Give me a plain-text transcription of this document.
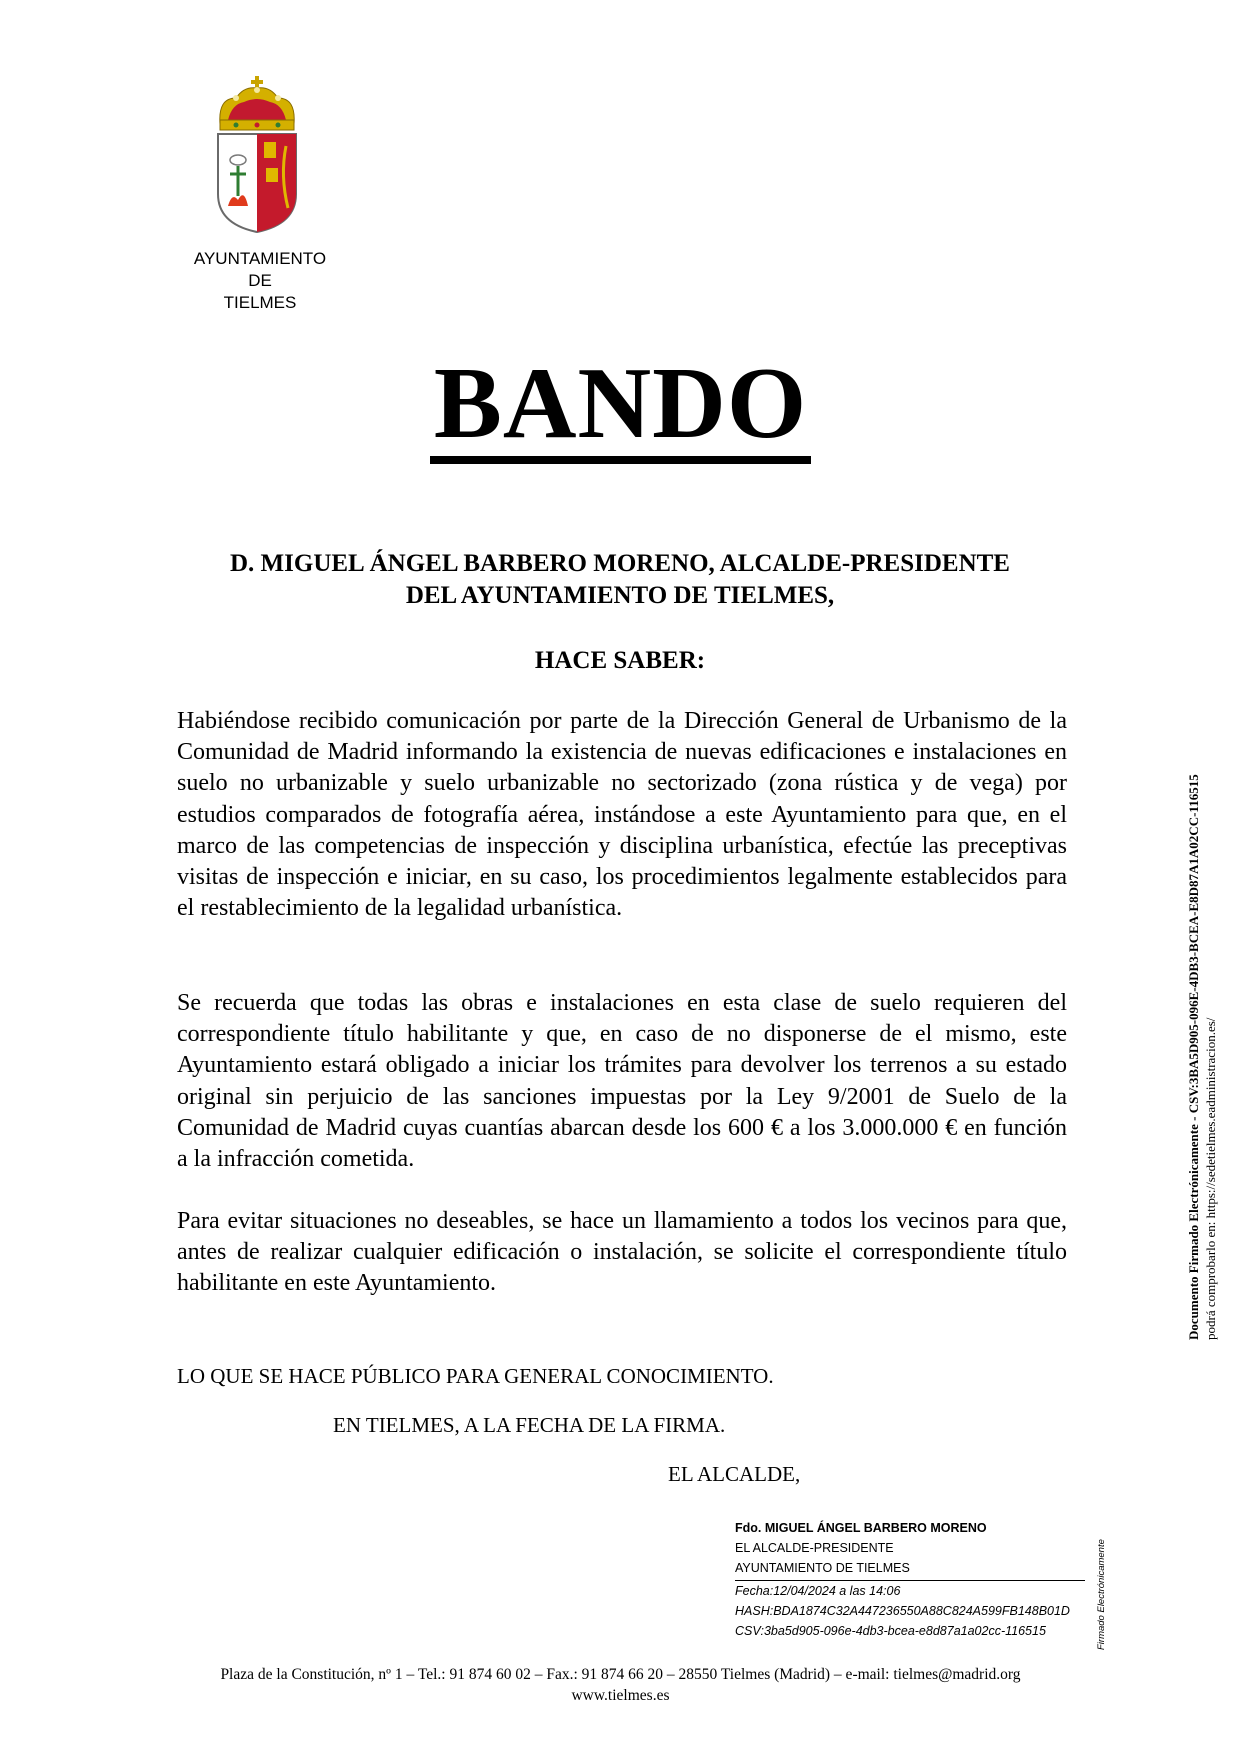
AYUNTAMIENTO
DE
TIELMES
BANDO
D. MIGUEL ÁNGEL BARBERO MORENO, ALCALDE-PRESIDENTE
DEL AYUNTAMIENTO DE TIELMES,
HACE SABER:
Habiéndose recibido comunicación por parte de la Dirección General de Urbanismo de la Comunidad de Madrid informando la existencia de nuevas edificaciones e instalaciones en suelo no urbanizable y suelo urbanizable no sectorizado (zona rústica y de vega) por estudios comparados de fotografía aérea, instándose a este Ayuntamiento para que, en el marco de las competencias de inspección y disciplina urbanística, efectúe las preceptivas visitas de inspección e iniciar, en su caso, los procedimientos legalmente establecidos para el restablecimiento de la legalidad urbanística.
Se recuerda que todas las obras e instalaciones en esta clase de suelo requieren del correspondiente título habilitante y que, en caso de no disponerse de el mismo, este Ayuntamiento estará obligado a iniciar los trámites para devolver los terrenos a su estado original sin perjuicio de las sanciones impuestas por la Ley 9/2001 de Suelo de la Comunidad de Madrid cuyas cuantías abarcan desde los 600 € a los 3.000.000 € en función a la infracción cometida.
Para evitar situaciones no deseables, se hace un llamamiento a todos los vecinos para que, antes de realizar cualquier edificación o instalación, se solicite el correspondiente título habilitante en este Ayuntamiento.
LO QUE SE HACE PÚBLICO PARA GENERAL CONOCIMIENTO.
EN TIELMES, A LA FECHA DE LA FIRMA.
EL ALCALDE,
Fdo. MIGUEL ÁNGEL BARBERO MORENO
EL ALCALDE-PRESIDENTE
AYUNTAMIENTO DE TIELMES
Fecha:12/04/2024 a las 14:06
HASH:BDA1874C32A447236550A88C824A599FB148B01D
CSV:3ba5d905-096e-4db3-bcea-e8d87a1a02cc-116515	Firmado Electrónicamente
Documento Firmado Electrónicamente - CSV:3BA5D905-096E-4DB3-BCEA-E8D87A1A02CC-116515 podrá comprobarlo en: https://sedetielmes.eadministracion.es/
Plaza de la Constitución, nº 1 – Tel.: 91 874 60 02 – Fax.: 91 874 66 20 – 28550 Tielmes (Madrid) – e-mail: tielmes@madrid.org
www.tielmes.es
